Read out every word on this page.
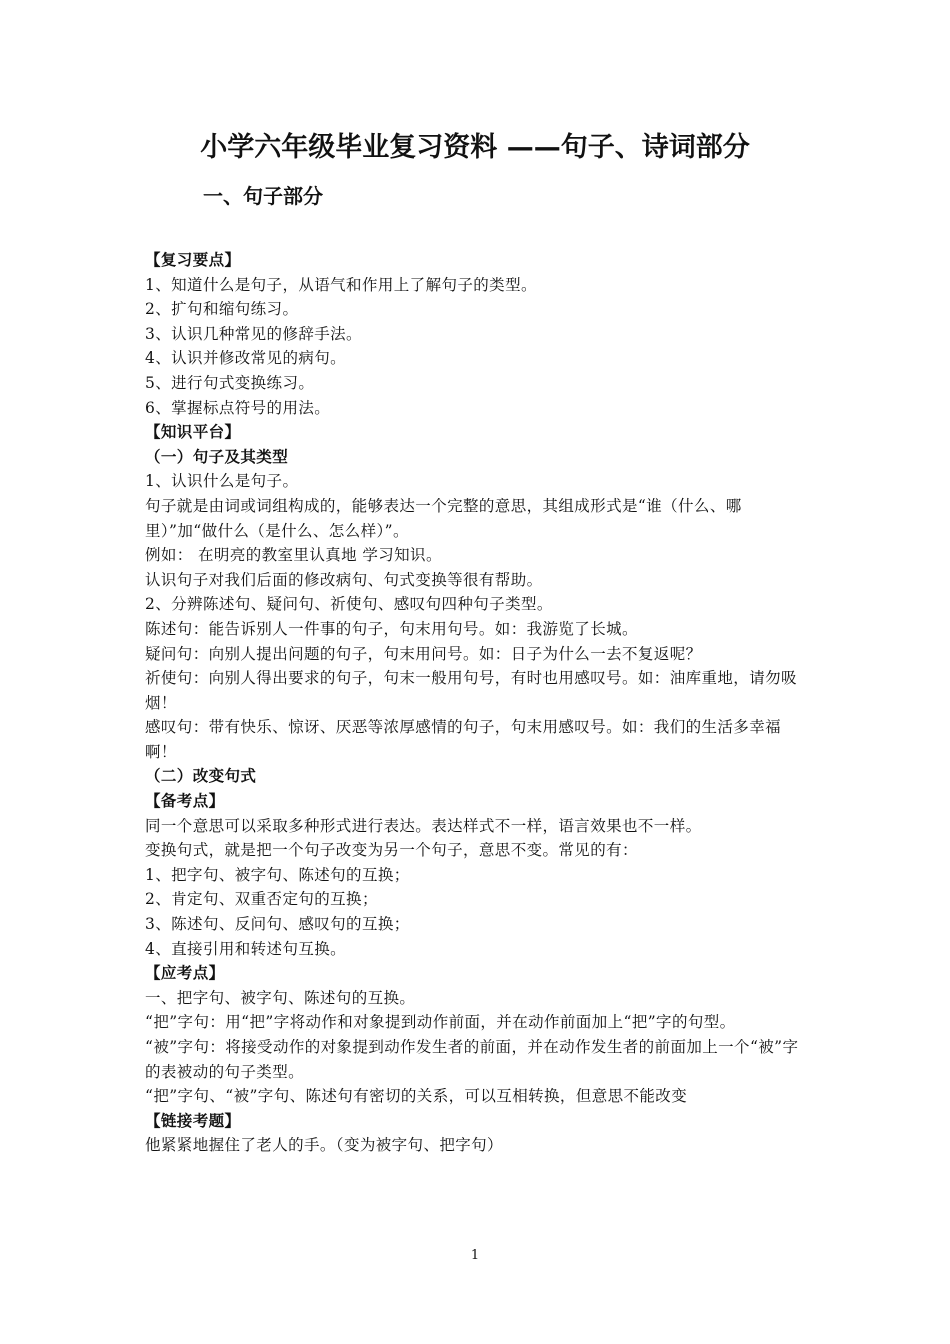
小学六年级毕业复习资料 ——句子、诗词部分
一、句子部分
【复习要点】
1、知道什么是句子，从语气和作用上了解句子的类型。
2、扩句和缩句练习。
3、认识几种常见的修辞手法。
4、认识并修改常见的病句。
5、进行句式变换练习。
6、掌握标点符号的用法。
【知识平台】
（一）句子及其类型
1、认识什么是句子。
句子就是由词或词组构成的，能够表达一个完整的意思，其组成形式是“谁（什么、哪里）”加“做什么（是什么、怎么样）”。
例如： 在明亮的教室里认真地 学习知识。
认识句子对我们后面的修改病句、句式变换等很有帮助。
2、分辨陈述句、疑问句、祈使句、感叹句四种句子类型。
陈述句：能告诉别人一件事的句子，句末用句号。如：我游览了长城。
疑问句：向别人提出问题的句子，句末用问号。如：日子为什么一去不复返呢？
祈使句：向别人得出要求的句子，句末一般用句号，有时也用感叹号。如：油库重地，请勿吸烟！
感叹句：带有快乐、惊讶、厌恶等浓厚感情的句子，句末用感叹号。如：我们的生活多幸福啊！
（二）改变句式
【备考点】
同一个意思可以采取多种形式进行表达。表达样式不一样，语言效果也不一样。
变换句式，就是把一个句子改变为另一个句子，意思不变。常见的有：
1、把字句、被字句、陈述句的互换；
2、肯定句、双重否定句的互换；
3、陈述句、反问句、感叹句的互换；
4、直接引用和转述句互换。
【应考点】
一、把字句、被字句、陈述句的互换。
“把”字句：用“把”字将动作和对象提到动作前面，并在动作前面加上“把”字的句型。
“被”字句：将接受动作的对象提到动作发生者的前面，并在动作发生者的前面加上一个“被”字的表被动的句子类型。
“把”字句、“被”字句、陈述句有密切的关系，可以互相转换，但意思不能改变
【链接考题】
他紧紧地握住了老人的手。（变为被字句、把字句）
1
